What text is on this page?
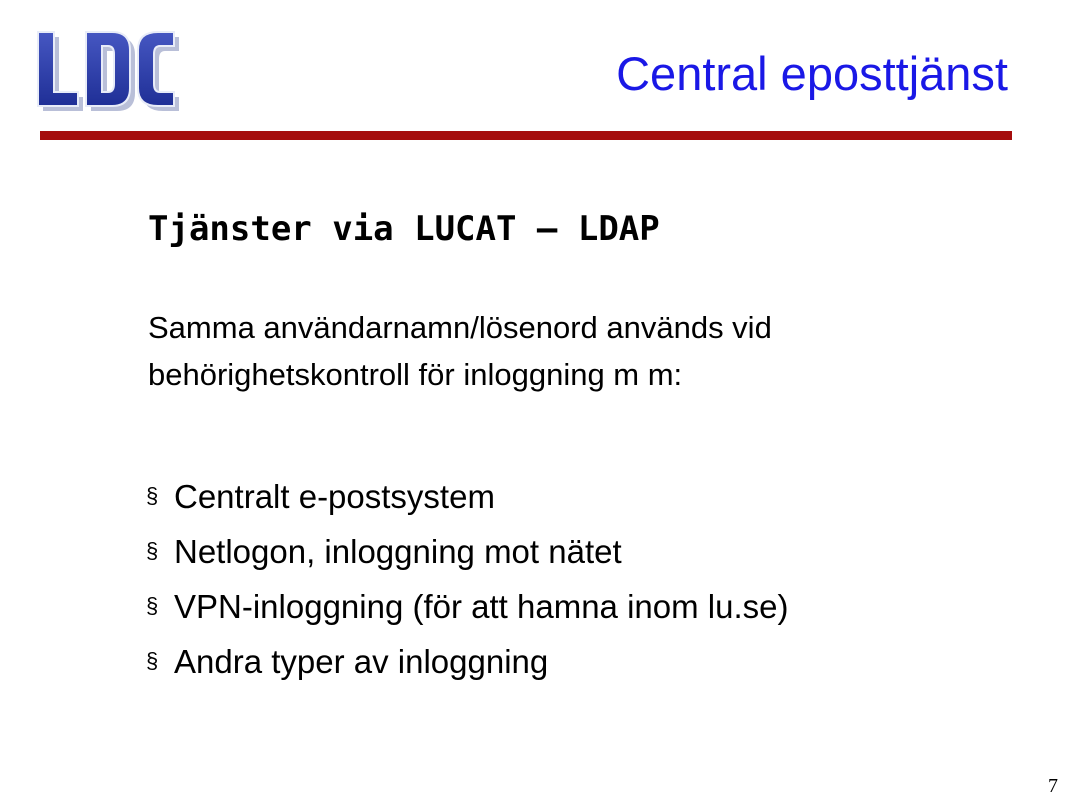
Central eposttjänst
Tjänster via LUCAT – LDAP
Samma användarnamn/lösenord används vid
behörighetskontroll för inloggning m m:
§ Centralt e-postsystem
§ Netlogon, inloggning mot nätet
§ VPN-inloggning (för att hamna inom lu.se)
§ Andra typer av inloggning
7
